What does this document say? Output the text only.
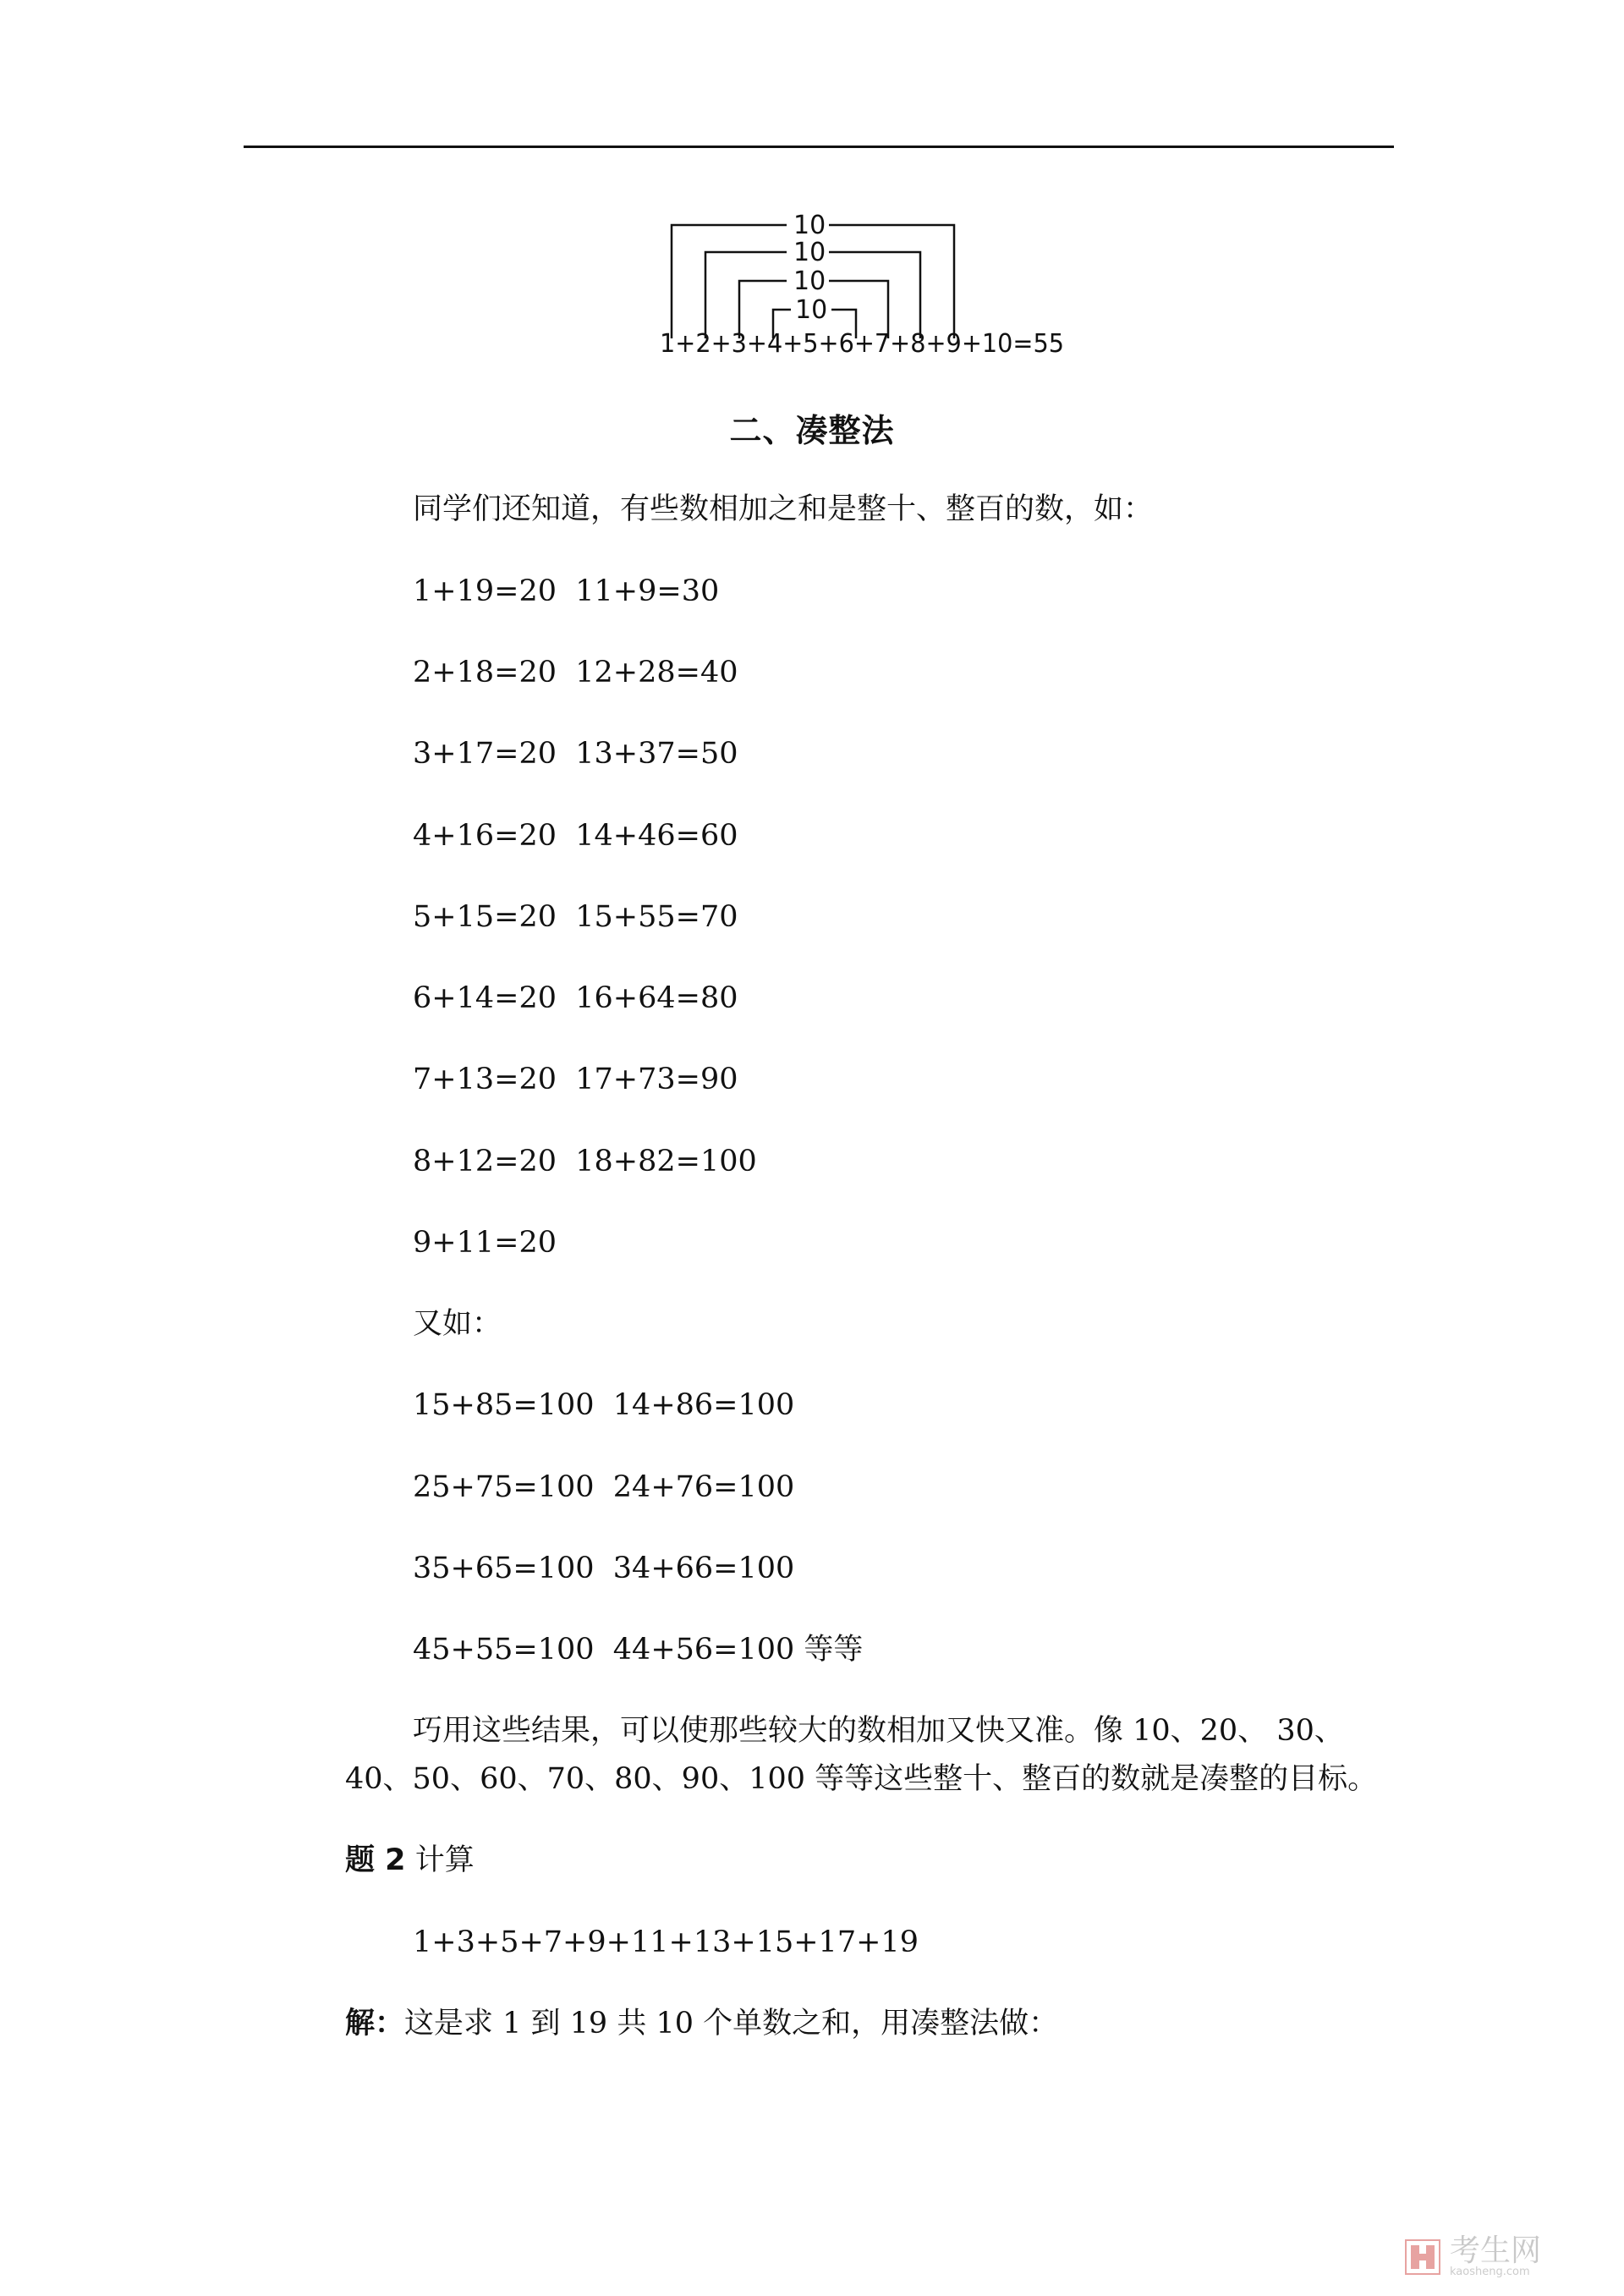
10
10
10
10
1+2+3+4+5+6+7+8+9+10=55
二、凑整法
同学们还知道，有些数相加之和是整十、整百的数，如：
1+19=20  11+9=30
2+18=20  12+28=40
3+17=20  13+37=50
4+16=20  14+46=60
5+15=20  15+55=70
6+14=20  16+64=80
7+13=20  17+73=90
8+12=20  18+82=100
9+11=20
又如：
15+85=100  14+86=100
25+75=100  24+76=100
35+65=100  34+66=100
45+55=100  44+56=100 等等
巧用这些结果，可以使那些较大的数相加又快又准。像 10、20、 30、
40、50、60、70、80、90、100 等等这些整十、整百的数就是凑整的目标。
题 2 计算
1+3+5+7+9+11+13+15+17+19
解：这是求 1 到 19 共 10 个单数之和，用凑整法做：
考生网
kaosheng.com
